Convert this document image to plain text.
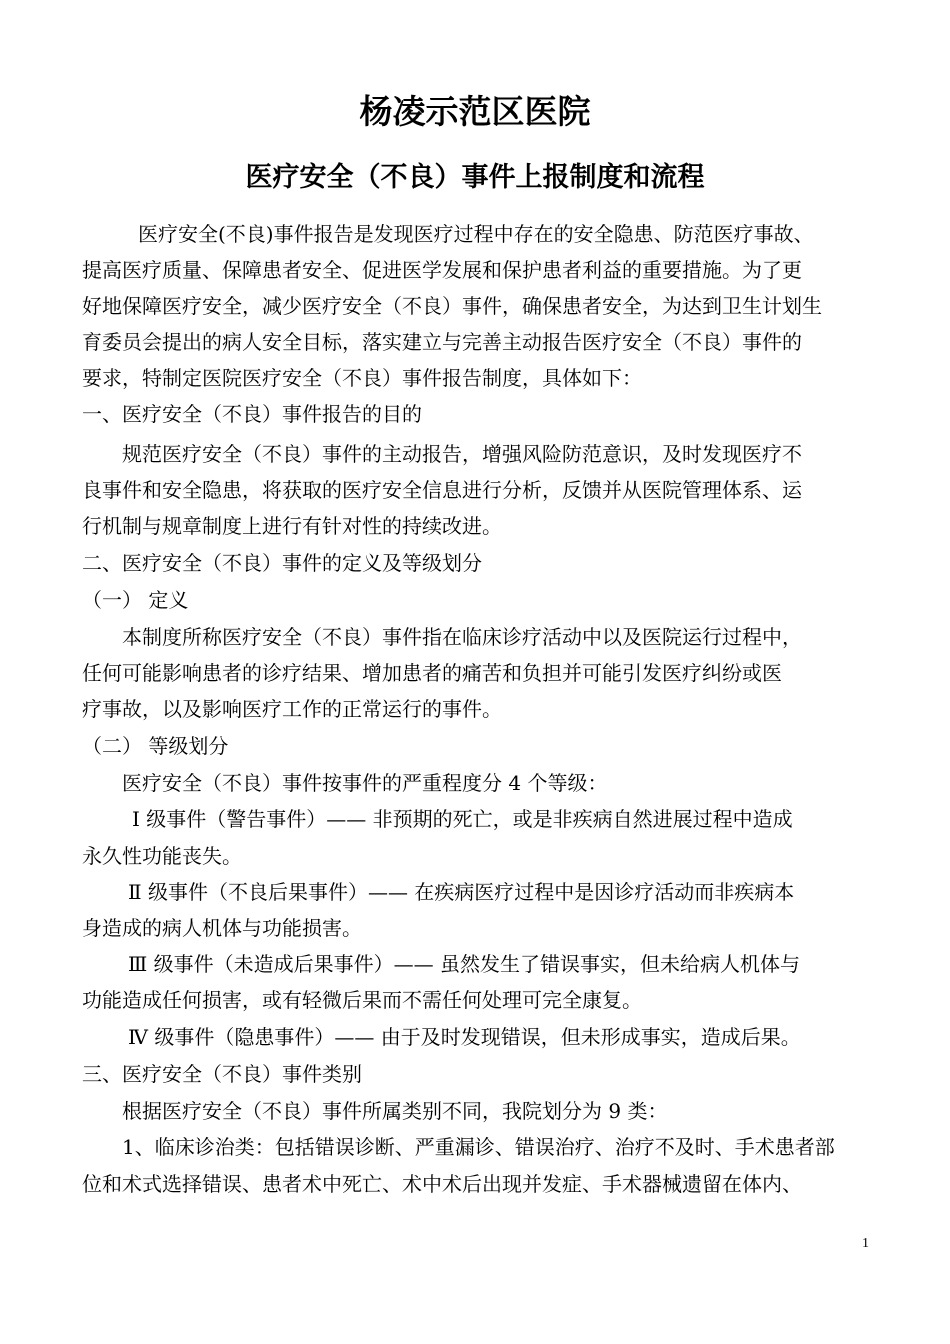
杨凌示范区医院
医疗安全（不良）事件上报制度和流程

医疗安全(不良)事件报告是发现医疗过程中存在的安全隐患、防范医疗事故、

提高医疗质量、保障患者安全、促进医学发展和保护患者利益的重要措施。为了更

好地保障医疗安全，减少医疗安全（不良）事件，确保患者安全，为达到卫生计划生

育委员会提出的病人安全目标，落实建立与完善主动报告医疗安全（不良）事件的

要求，特制定医院医疗安全（不良）事件报告制度，具体如下：

一、医疗安全（不良）事件报告的目的

规范医疗安全（不良）事件的主动报告，增强风险防范意识，及时发现医疗不

良事件和安全隐患，将获取的医疗安全信息进行分析，反馈并从医院管理体系、运

行机制与规章制度上进行有针对性的持续改进。

二、医疗安全（不良）事件的定义及等级划分

（一） 定义

本制度所称医疗安全（不良）事件指在临床诊疗活动中以及医院运行过程中，

任何可能影响患者的诊疗结果、增加患者的痛苦和负担并可能引发医疗纠纷或医

疗事故，以及影响医疗工作的正常运行的事件。

（二） 等级划分

医疗安全（不良）事件按事件的严重程度分 4 个等级：

Ⅰ 级事件（警告事件）—— 非预期的死亡，或是非疾病自然进展过程中造成

永久性功能丧失。

Ⅱ 级事件（不良后果事件）—— 在疾病医疗过程中是因诊疗活动而非疾病本

身造成的病人机体与功能损害。

Ⅲ 级事件（未造成后果事件）—— 虽然发生了错误事实，但未给病人机体与

功能造成任何损害，或有轻微后果而不需任何处理可完全康复。

Ⅳ 级事件（隐患事件）—— 由于及时发现错误，但未形成事实，造成后果。

三、医疗安全（不良）事件类别

根据医疗安全（不良）事件所属类别不同，我院划分为 9 类：

1、临床诊治类：包括错误诊断、严重漏诊、错误治疗、治疗不及时、手术患者部

位和术式选择错误、患者术中死亡、术中术后出现并发症、手术器械遗留在体内、

1
